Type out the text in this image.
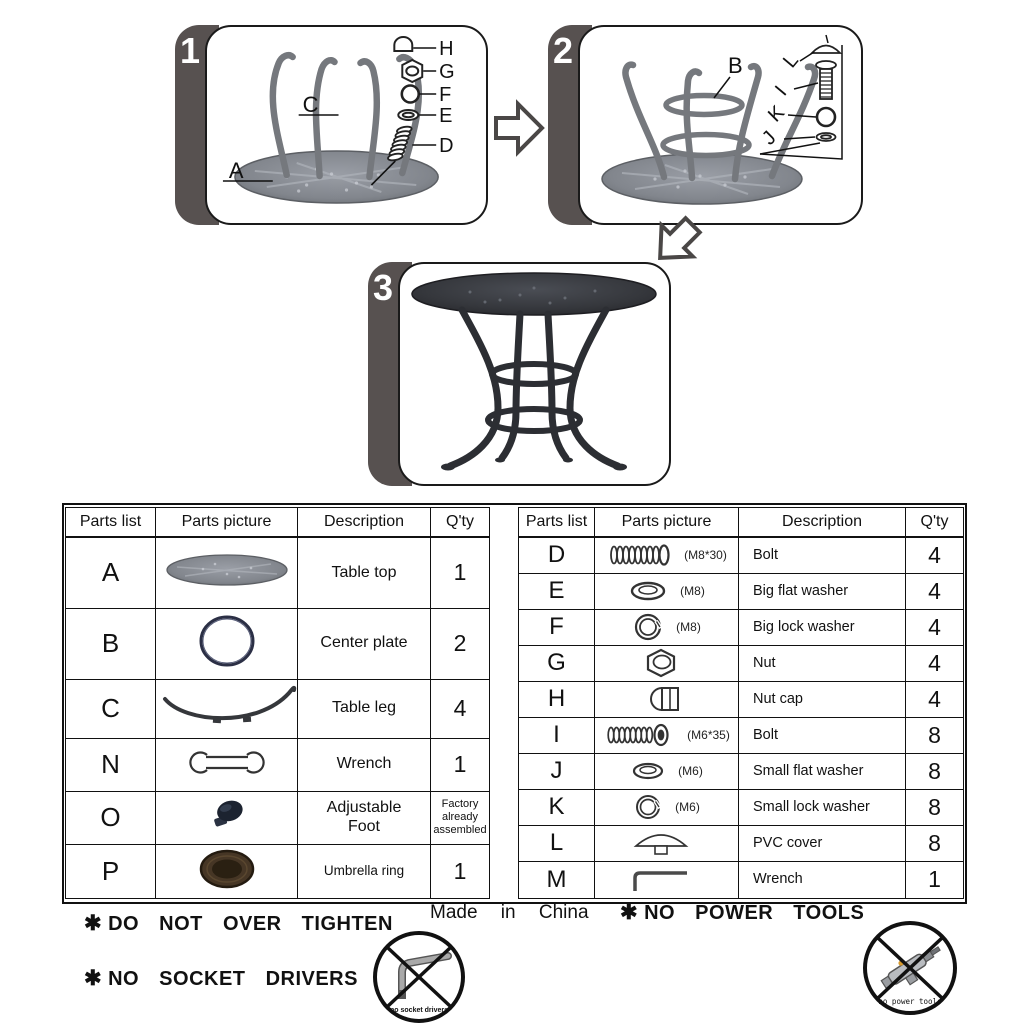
1	H
G
F
E
D
C
A
2	B L
I
K
J
3
Parts list	Parts picture	Description	Q'ty
A		Table top	1
B		Center plate	2
C		Table leg	4
N		Wrench	1
O		Adjustable Foot	Factory already assembled
P		Umbrella ring	1
Parts list	Parts picture	Description	Q'ty
D	(M8*30)	Bolt	4
E	(M8)	Big flat washer	4
F	(M8)	Big lock washer	4
G		Nut	4
H		Nut cap	4
I	(M6*35)	Bolt	8
J	(M6)	Small flat washer	8
K	(M6)	Small lock washer	8
L		PVC cover	8
M		Wrench	1
✱ DO NOT OVER TIGHTEN
Made in China ✱ NO POWER TOOLS
✱ NO SOCKET DRIVERS
no socket drivers
no power tools
